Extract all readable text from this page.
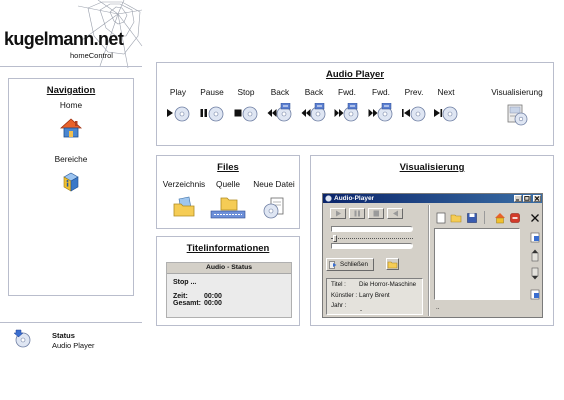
kugelmann.net
homeControl
Navigation
Home
Bereiche
Status
Audio Player
Audio Player
Play	Pause	Stop	Back	Back	Fwd.	Fwd.	Prev.	Next	Visualisierung
Files
Verzeichnis	Quelle	Neue Datei
Titelinformationen
Audio - Status
Stop ...
Zeit: 00:00
Gesamt: 00:00
Visualisierung
Audio-Player
Schließen
Titel : Die Horror-Maschine
Künstler : Larry Brent
Jahr :
-	..
